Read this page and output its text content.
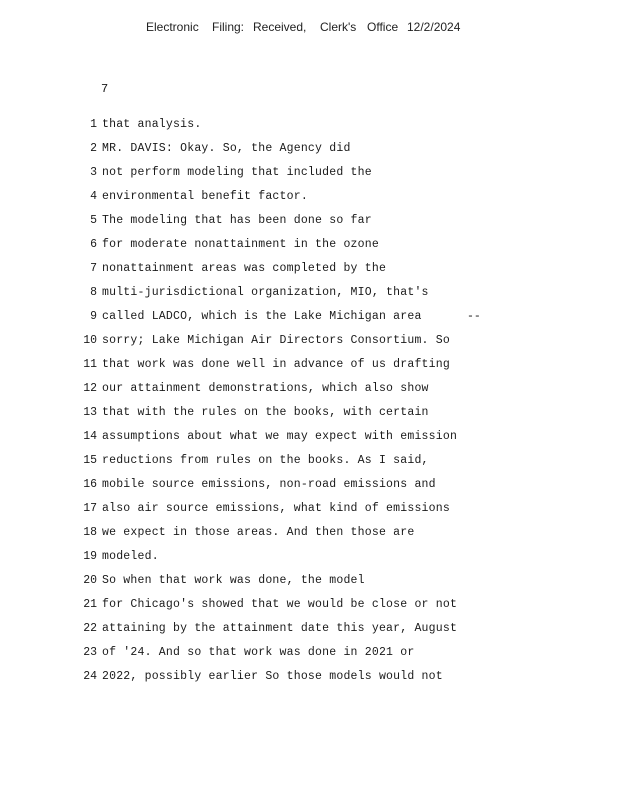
Electronic Filing: Received, Clerk's Office 12/2/2024
7
1 that analysis.
2 MR. DAVIS: Okay. So, the Agency did
3 not perform modeling that included the
4 environmental benefit factor.
5 The modeling that has been done so far
6 for moderate nonattainment in the ozone
7 nonattainment areas was completed by the
8 multi-jurisdictional organization, MIO, that's
9 called LADCO, which is the Lake Michigan area	--
10 sorry; Lake Michigan Air Directors Consortium. So
11 that work was done well in advance of us drafting
12 our attainment demonstrations, which also show
13 that with the rules on the books, with certain
14 assumptions about what we may expect with emission
15 reductions from rules on the books. As I said,
16 mobile source emissions, non-road emissions and
17 also air source emissions, what kind of emissions
18 we expect in those areas. And then those are
19 modeled.
20 So when that work was done, the model
21 for Chicago's showed that we would be close or not
22 attaining by the attainment date this year, August
23 of '24. And so that work was done in 2021 or
24 2022, possibly earlier So those models would not
